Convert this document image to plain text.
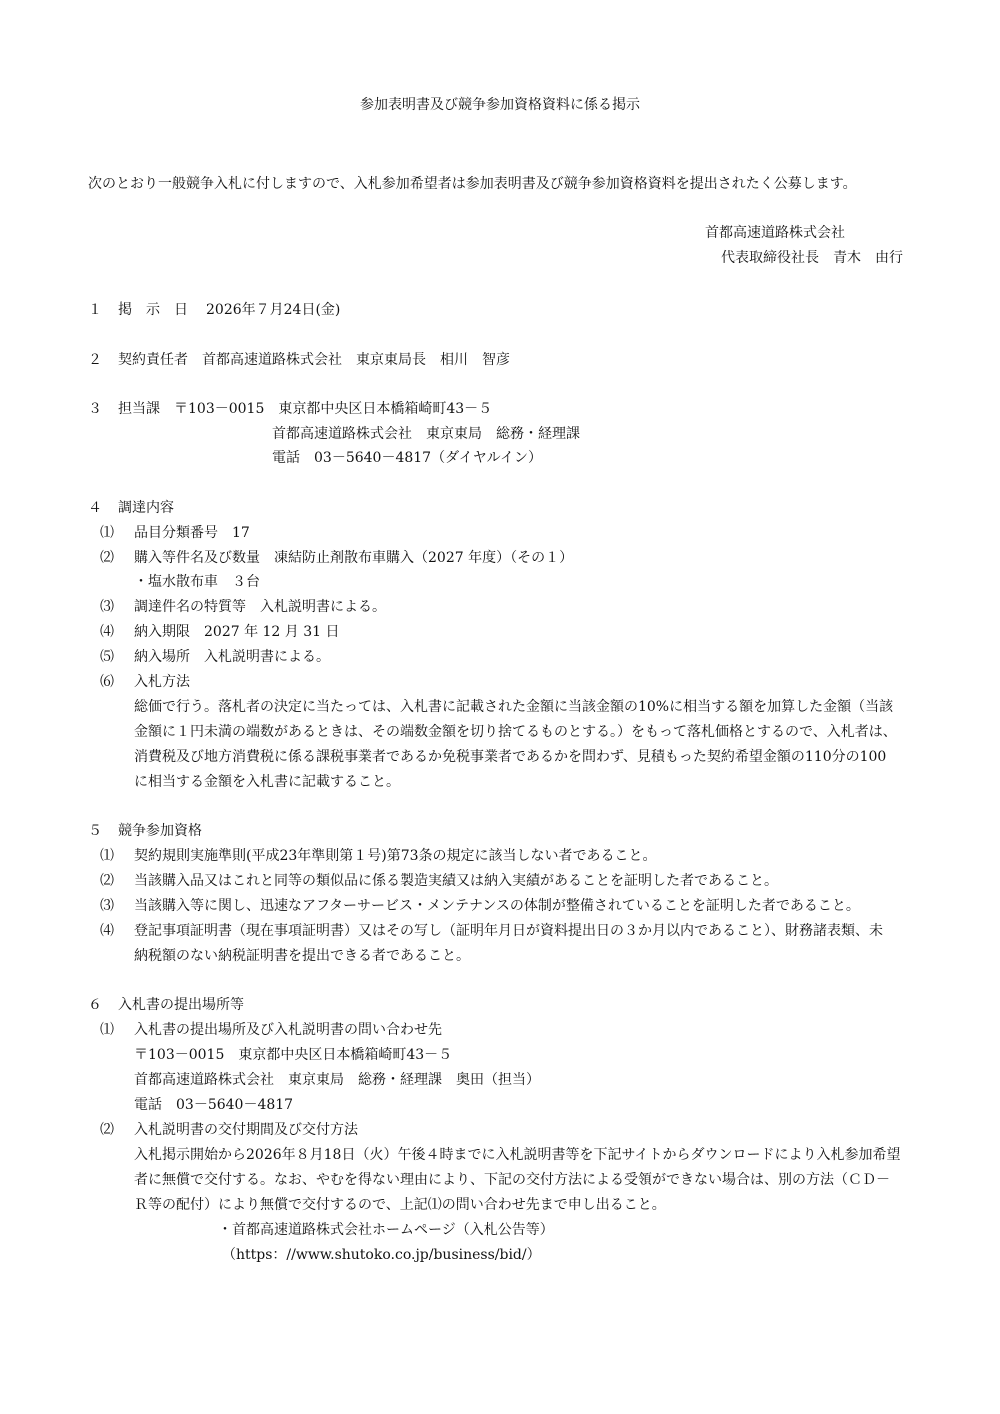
参加表明書及び競争参加資格資料に係る掲示
次のとおり一般競争入札に付しますので、入札参加希望者は参加表明書及び競争参加資格資料を提出されたく公募します。
首都高速道路株式会社
代表取締役社長　青木　由行
１ 掲　示　日 2026年７月24日(金)
２ 契約責任者　首都高速道路株式会社　東京東局長　相川　智彦
３ 担当課 〒103－0015　東京都中央区日本橋箱崎町43－５
首都高速道路株式会社　東京東局　総務・経理課
電話　03－5640－4817（ダイヤルイン）
４ 調達内容
⑴ 品目分類番号　17
⑵ 購入等件名及び数量　凍結防止剤散布車購入（2027 年度）（その１）
・塩水散布車　３台
⑶ 調達件名の特質等　入札説明書による。
⑷ 納入期限　2027 年 12 月 31 日
⑸ 納入場所　入札説明書による。
⑹ 入札方法
総価で行う。落札者の決定に当たっては、入札書に記載された金額に当該金額の10%に相当する額を加算した金額（当該
金額に１円未満の端数があるときは、その端数金額を切り捨てるものとする。）をもって落札価格とするので、入札者は、
消費税及び地方消費税に係る課税事業者であるか免税事業者であるかを問わず、見積もった契約希望金額の110分の100
に相当する金額を入札書に記載すること。
５ 競争参加資格
⑴ 契約規則実施準則(平成23年準則第１号)第73条の規定に該当しない者であること。
⑵ 当該購入品又はこれと同等の類似品に係る製造実績又は納入実績があることを証明した者であること。
⑶ 当該購入等に関し、迅速なアフターサービス・メンテナンスの体制が整備されていることを証明した者であること。
⑷ 登記事項証明書（現在事項証明書）又はその写し（証明年月日が資料提出日の３か月以内であること）、財務諸表類、未
納税額のない納税証明書を提出できる者であること。
６ 入札書の提出場所等
⑴ 入札書の提出場所及び入札説明書の問い合わせ先
〒103－0015　東京都中央区日本橋箱崎町43－５
首都高速道路株式会社　東京東局　総務・経理課　奥田（担当）
電話　03－5640－4817
⑵ 入札説明書の交付期間及び交付方法
入札掲示開始から2026年８月18日（火）午後４時までに入札説明書等を下記サイトからダウンロードにより入札参加希望
者に無償で交付する。なお、やむを得ない理由により、下記の交付方法による受領ができない場合は、別の方法（ＣＤ－
Ｒ等の配付）により無償で交付するので、上記⑴の問い合わせ先まで申し出ること。
・首都高速道路株式会社ホームページ（入札公告等）
（https：//www.shutoko.co.jp/business/bid/）
